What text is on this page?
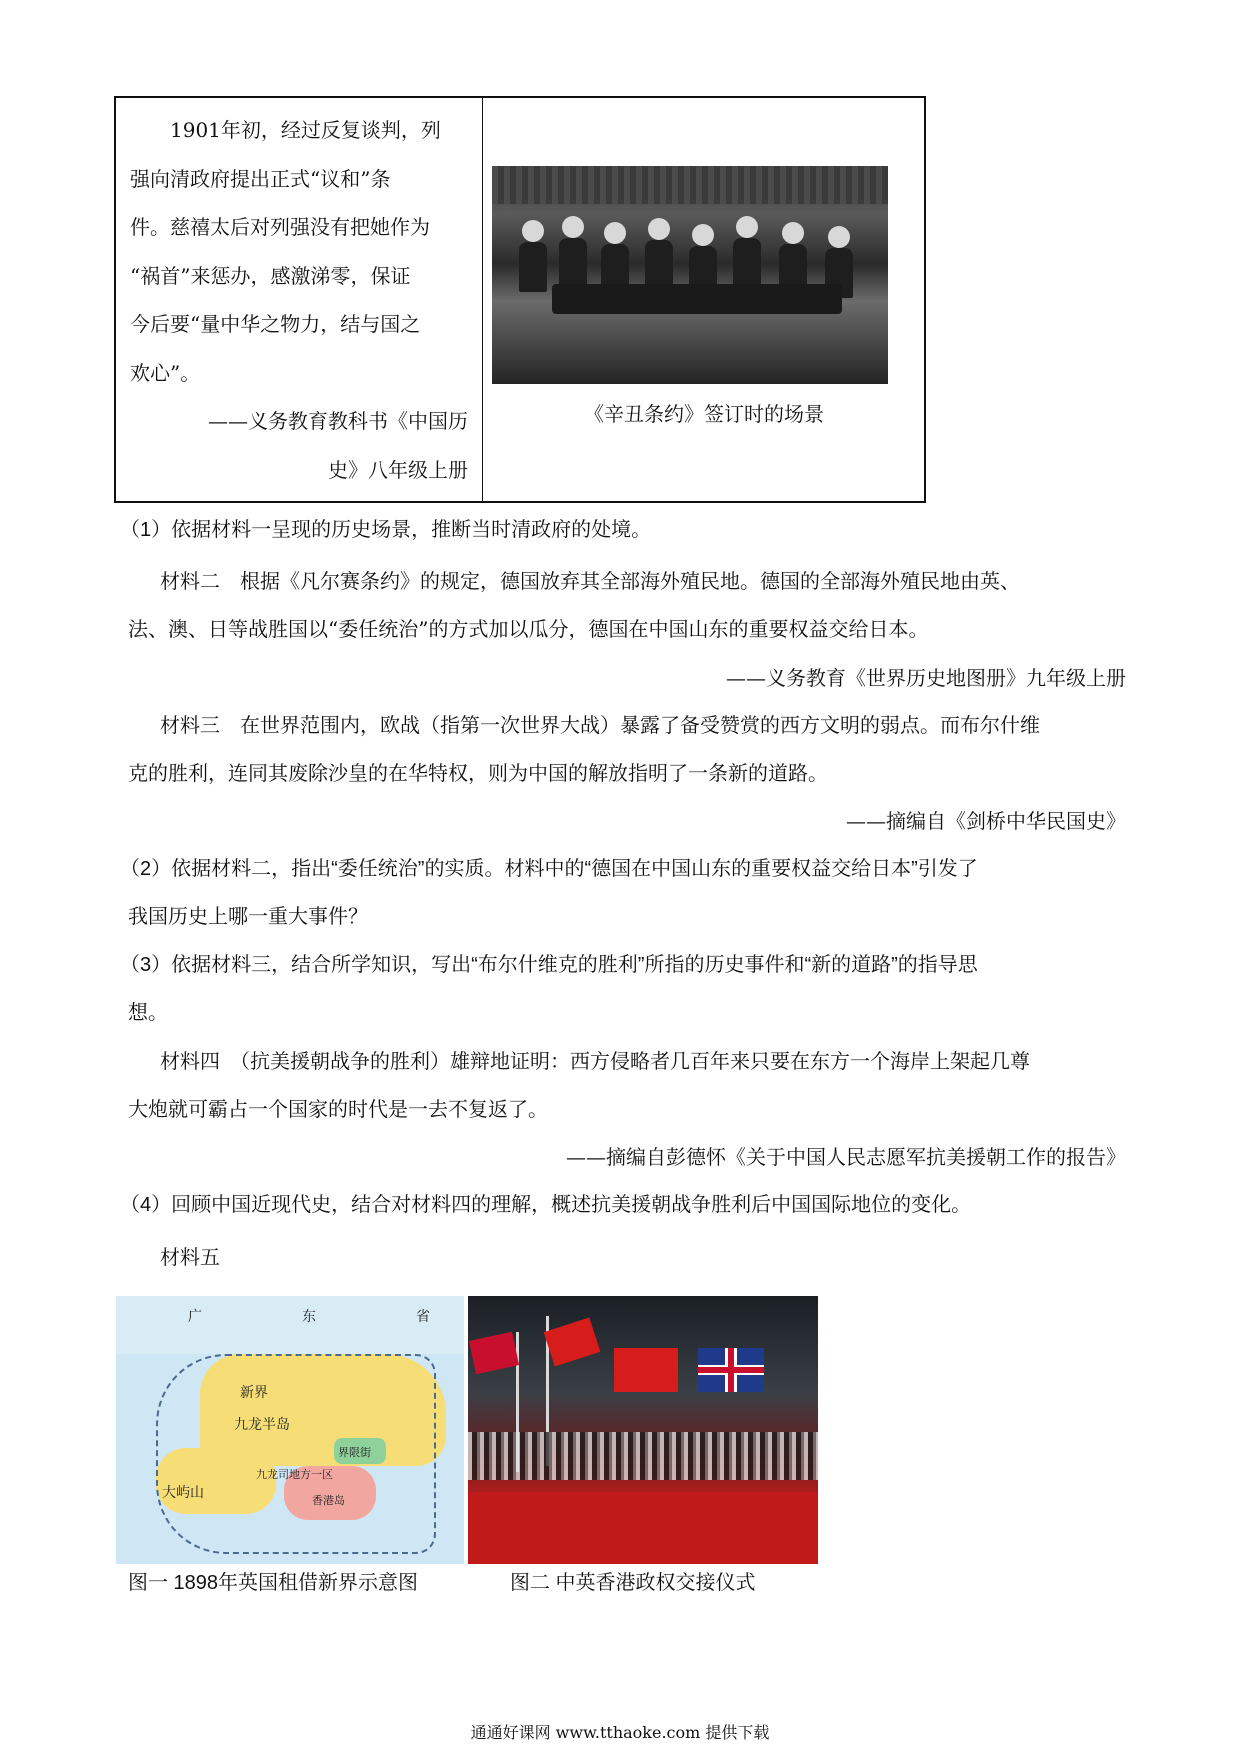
1901年初，经过反复谈判，列

强向清政府提出正式“议和”条

件。慈禧太后对列强没有把她作为

“祸首”来惩办，感激涕零，保证

今后要“量中华之物力，结与国之

欢心”。

——义务教育教科书《中国历

史》八年级上册

《辛丑条约》签订时的场景
（1）依据材料一呈现的历史场景，推断当时清政府的处境。
材料二　根据《凡尔赛条约》的规定，德国放弃其全部海外殖民地。德国的全部海外殖民地由英、
法、澳、日等战胜国以“委任统治”的方式加以瓜分，德国在中国山东的重要权益交给日本。
——义务教育《世界历史地图册》九年级上册
材料三　在世界范围内，欧战（指第一次世界大战）暴露了备受赞赏的西方文明的弱点。而布尔什维
克的胜利，连同其废除沙皇的在华特权，则为中国的解放指明了一条新的道路。
——摘编自《剑桥中华民国史》
（2）依据材料二，指出“委任统治”的实质。材料中的“德国在中国山东的重要权益交给日本”引发了
我国历史上哪一重大事件？
（3）依据材料三，结合所学知识，写出“布尔什维克的胜利”所指的历史事件和“新的道路”的指导思
想。
材料四　（抗美援朝战争的胜利）雄辩地证明：西方侵略者几百年来只要在东方一个海岸上架起几尊
大炮就可霸占一个国家的时代是一去不复返了。
——摘编自彭德怀《关于中国人民志愿军抗美援朝工作的报告》
（4）回顾中国近现代史，结合对材料四的理解，概述抗美援朝战争胜利后中国国际地位的变化。
材料五
广	东	省
新界
九龙半岛
界限街
九龙司地方一区
大屿山	香港岛
图一 1898年英国租借新界示意图	图二 中英香港政权交接仪式
通通好课网 www.tthaoke.com 提供下载
